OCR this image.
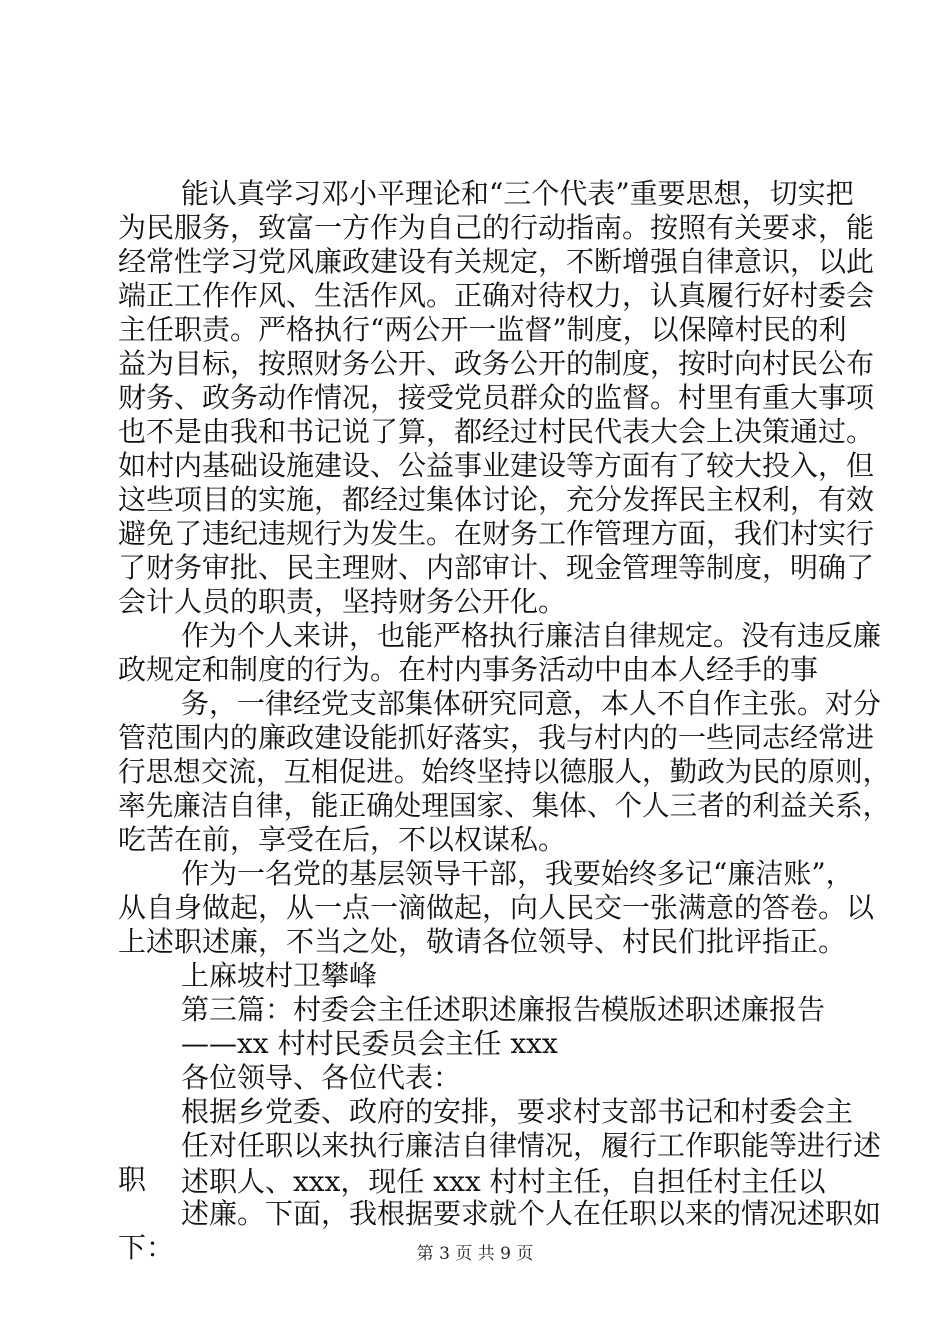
能认真学习邓小平理论和“三个代表”重要思想，切实把
为民服务，致富一方作为自己的行动指南。按照有关要求，能
经常性学习党风廉政建设有关规定，不断增强自律意识，以此
端正工作作风、生活作风。正确对待权力，认真履行好村委会
主任职责。严格执行“两公开一监督”制度，以保障村民的利
益为目标，按照财务公开、政务公开的制度，按时向村民公布
财务、政务动作情况，接受党员群众的监督。村里有重大事项
也不是由我和书记说了算，都经过村民代表大会上决策通过。
如村内基础设施建设、公益事业建设等方面有了较大投入，但
这些项目的实施，都经过集体讨论，充分发挥民主权利，有效
避免了违纪违规行为发生。在财务工作管理方面，我们村实行
了财务审批、民主理财、内部审计、现金管理等制度，明确了
会计人员的职责，坚持财务公开化。
作为个人来讲，也能严格执行廉洁自律规定。没有违反廉
政规定和制度的行为。在村内事务活动中由本人经手的事
务，一律经党支部集体研究同意，本人不自作主张。对分
管范围内的廉政建设能抓好落实，我与村内的一些同志经常进
行思想交流，互相促进。始终坚持以德服人，勤政为民的原则，
率先廉洁自律，能正确处理国家、集体、个人三者的利益关系，
吃苦在前，享受在后，不以权谋私。
作为一名党的基层领导干部，我要始终多记“廉洁账”，
从自身做起，从一点一滴做起，向人民交一张满意的答卷。以
上述职述廉，不当之处，敬请各位领导、村民们批评指正。
上麻坡村卫攀峰
第三篇：村委会主任述职述廉报告模版述职述廉报告
——xx 村村民委员会主任 xxx
各位领导、各位代表：
根据乡党委、政府的安排，要求村支部书记和村委会主
任对任职以来执行廉洁自律情况，履行工作职能等进行述
职
述廉。下面，我根据要求就个人在任职以来的情况述职如
下：
述职人、xxx，现任 xxx 村村主任，自担任村主任以
第 3 页 共 9 页
